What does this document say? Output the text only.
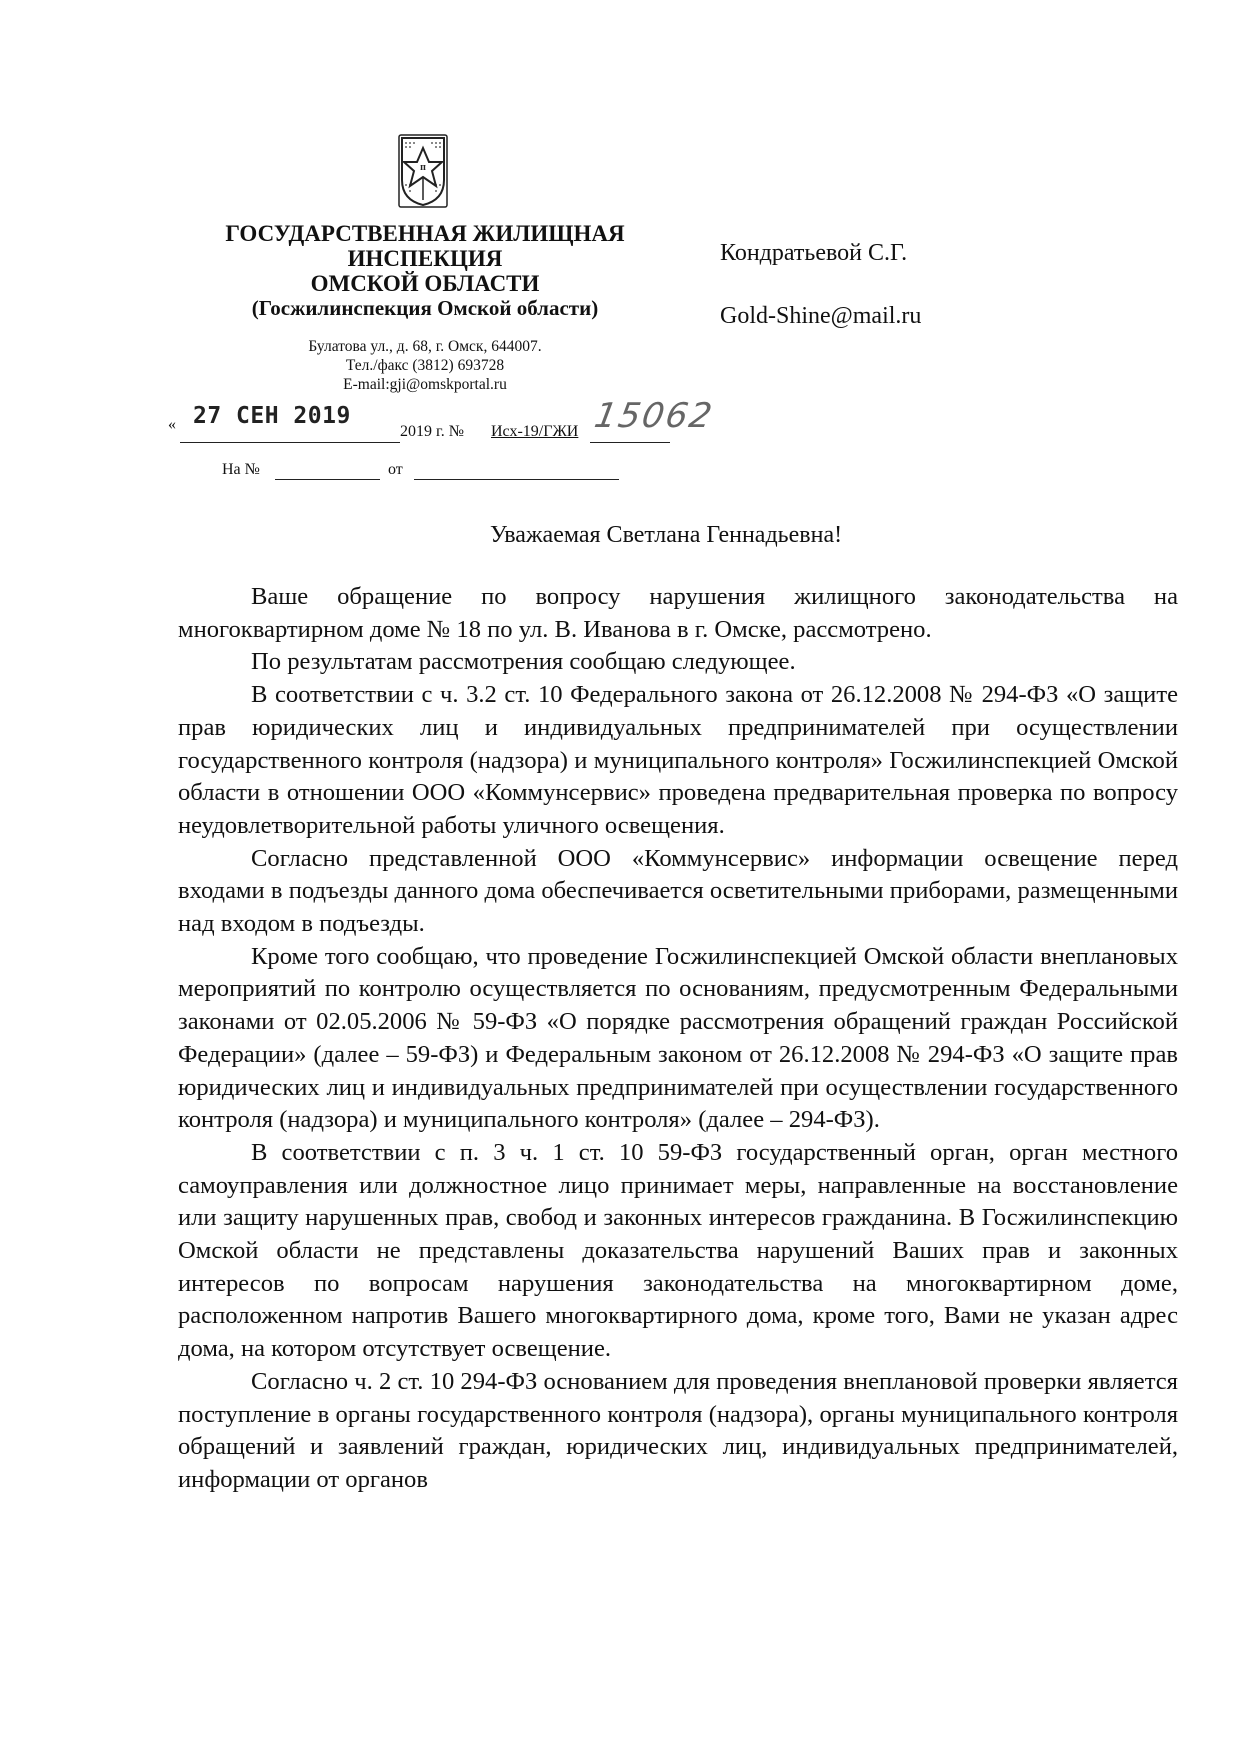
п
ГОСУДАРСТВЕННАЯ ЖИЛИЩНАЯ
ИНСПЕКЦИЯ
ОМСКОЙ ОБЛАСТИ
(Госжилинспекция Омской области)
Булатова ул., д. 68, г. Омск, 644007.
Тел./факс (3812) 693728
E-mail:gji@omskportal.ru
Кондратьевой С.Г.
Gold-Shine@mail.ru
« 27 СЕН 2019
2019 г. № Исх-19/ГЖИ 15062
На №	от
Уважаемая Светлана Геннадьевна!

Ваше обращение по вопросу нарушения жилищного законодательства на многоквартирном доме № 18 по ул. В. Иванова в г. Омске, рассмотрено.

По результатам рассмотрения сообщаю следующее.

В соответствии с ч. 3.2 ст. 10 Федерального закона от 26.12.2008 № 294-ФЗ «О защите прав юридических лиц и индивидуальных предпринимателей при осуществлении государственного контроля (надзора) и муниципального контроля» Госжилинспекцией Омской области в отношении ООО «Коммунсервис» проведена предварительная проверка по вопросу неудовлетворительной работы уличного освещения.

Согласно представленной ООО «Коммунсервис» информации освещение перед входами в подъезды данного дома обеспечивается осветительными приборами, размещенными над входом в подъезды.

Кроме того сообщаю, что проведение Госжилинспекцией Омской области внеплановых мероприятий по контролю осуществляется по основаниям, предусмотренным Федеральными законами от 02.05.2006 № 59-ФЗ «О порядке рассмотрения обращений граждан Российской Федерации» (далее – 59-ФЗ) и Федеральным законом от 26.12.2008 № 294-ФЗ «О защите прав юридических лиц и индивидуальных предпринимателей при осуществлении государственного контроля (надзора) и муниципального контроля» (далее – 294-ФЗ).

В соответствии с п. 3 ч. 1 ст. 10 59-ФЗ государственный орган, орган местного самоуправления или должностное лицо принимает меры, направленные на восстановление или защиту нарушенных прав, свобод и законных интересов гражданина. В Госжилинспекцию Омской области не представлены доказательства нарушений Ваших прав и законных интересов по вопросам нарушения законодательства на многоквартирном доме, расположенном напротив Вашего многоквартирного дома, кроме того, Вами не указан адрес дома, на котором отсутствует освещение.

Согласно ч. 2 ст. 10 294-ФЗ основанием для проведения внеплановой проверки является поступление в органы государственного контроля (надзора), органы муниципального контроля обращений и заявлений граждан, юридических лиц, индивидуальных предпринимателей, информации от органов
